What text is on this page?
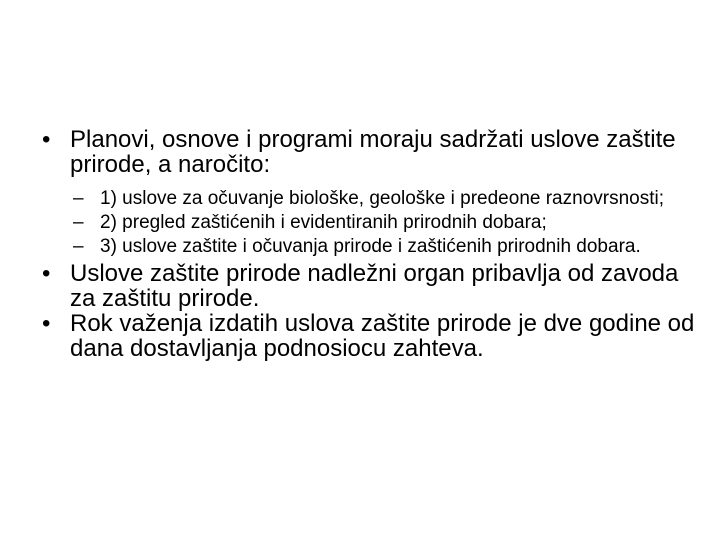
• Planovi, osnove i programi moraju sadržati uslove zaštite prirode, a naročito:
– 1) uslove za očuvanje biološke, geološke i predeone raznovrsnosti;
– 2) pregled zaštićenih i evidentiranih prirodnih dobara;
– 3) uslove zaštite i očuvanja prirode i zaštićenih prirodnih dobara.
• Uslove zaštite prirode nadležni organ pribavlja od zavoda za zaštitu prirode.
• Rok važenja izdatih uslova zaštite prirode je dve godine od dana dostavljanja podnosiocu zahteva.
